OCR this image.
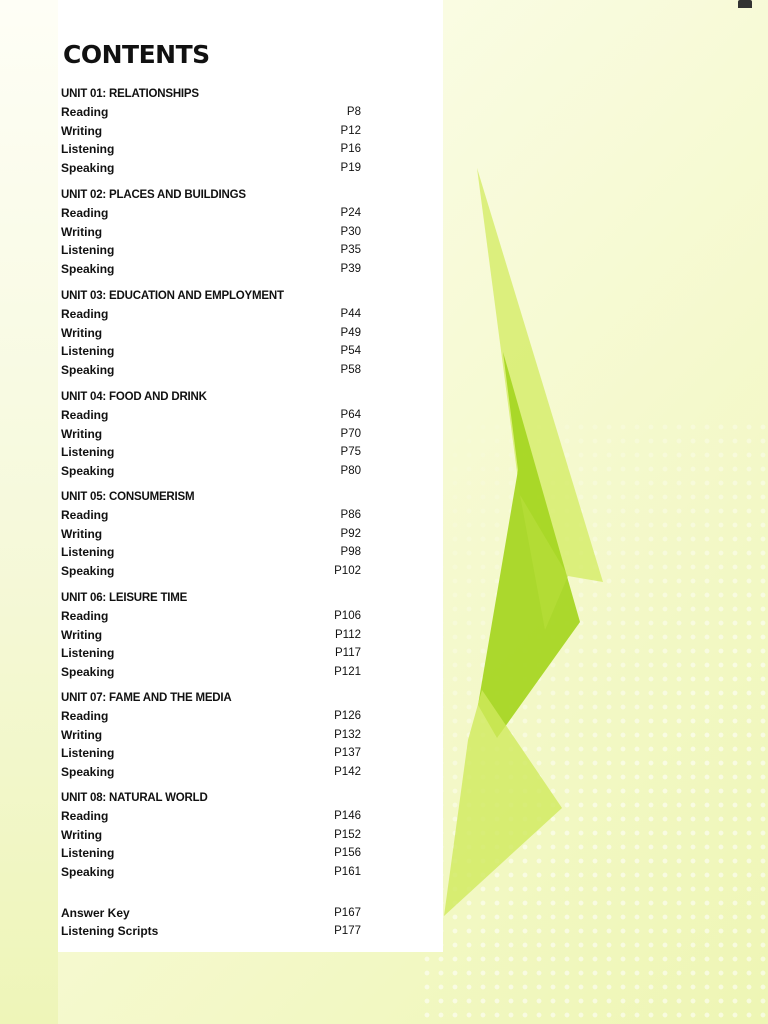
CONTENTS
UNIT 01: RELATIONSHIPS
Reading	P8
Writing	P12
Listening	P16
Speaking	P19
UNIT 02: PLACES AND BUILDINGS
Reading	P24
Writing	P30
Listening	P35
Speaking	P39
UNIT 03: EDUCATION AND EMPLOYMENT
Reading	P44
Writing	P49
Listening	P54
Speaking	P58
UNIT 04: FOOD AND DRINK
Reading	P64
Writing	P70
Listening	P75
Speaking	P80
UNIT 05: CONSUMERISM
Reading	P86
Writing	P92
Listening	P98
Speaking	P102
UNIT 06: LEISURE TIME
Reading	P106
Writing	P112
Listening	P117
Speaking	P121
UNIT 07: FAME AND THE MEDIA
Reading	P126
Writing	P132
Listening	P137
Speaking	P142
UNIT 08: NATURAL WORLD
Reading	P146
Writing	P152
Listening	P156
Speaking	P161
Answer Key	P167
Listening Scripts	P177
